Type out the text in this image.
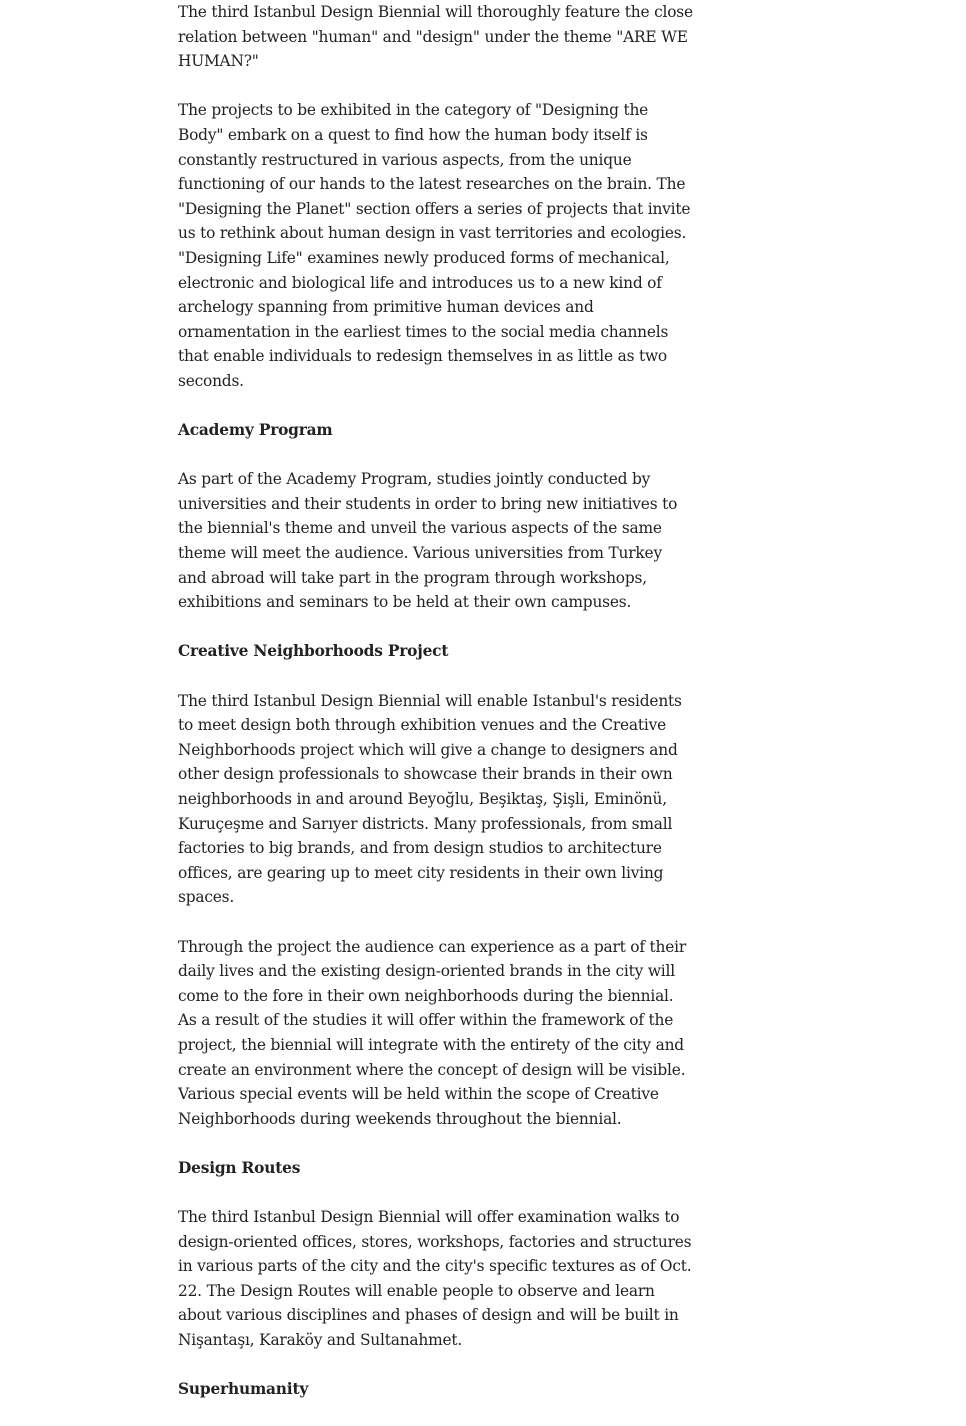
The third Istanbul Design Biennial will thoroughly feature the close relation between "human" and "design" under the theme "ARE WE HUMAN?"

The projects to be exhibited in the category of "Designing the Body" embark on a quest to find how the human body itself is constantly restructured in various aspects, from the unique functioning of our hands to the latest researches on the brain. The "Designing the Planet" section offers a series of projects that invite us to rethink about human design in vast territories and ecologies. "Designing Life" examines newly produced forms of mechanical, electronic and biological life and introduces us to a new kind of archelogy spanning from primitive human devices and ornamentation in the earliest times to the social media channels that enable individuals to redesign themselves in as little as two seconds.

Academy Program

As part of the Academy Program, studies jointly conducted by universities and their students in order to bring new initiatives to the biennial's theme and unveil the various aspects of the same theme will meet the audience. Various universities from Turkey and abroad will take part in the program through workshops, exhibitions and seminars to be held at their own campuses.

Creative Neighborhoods Project

The third Istanbul Design Biennial will enable Istanbul's residents to meet design both through exhibition venues and the Creative Neighborhoods project which will give a change to designers and other design professionals to showcase their brands in their own neighborhoods in and around Beyoğlu, Beşiktaş, Şişli, Eminönü, Kuruçeşme and Sarıyer districts. Many professionals, from small factories to big brands, and from design studios to architecture offices, are gearing up to meet city residents in their own living spaces.

Through the project the audience can experience as a part of their daily lives and the existing design-oriented brands in the city will come to the fore in their own neighborhoods during the biennial. As a result of the studies it will offer within the framework of the project, the biennial will integrate with the entirety of the city and create an environment where the concept of design will be visible. Various special events will be held within the scope of Creative Neighborhoods during weekends throughout the biennial.

Design Routes

The third Istanbul Design Biennial will offer examination walks to design-oriented offices, stores, workshops, factories and structures in various parts of the city and the city's specific textures as of Oct. 22. The Design Routes will enable people to observe and learn about various disciplines and phases of design and will be built in Nişantaşı, Karaköy and Sultanahmet.

Superhumanity
